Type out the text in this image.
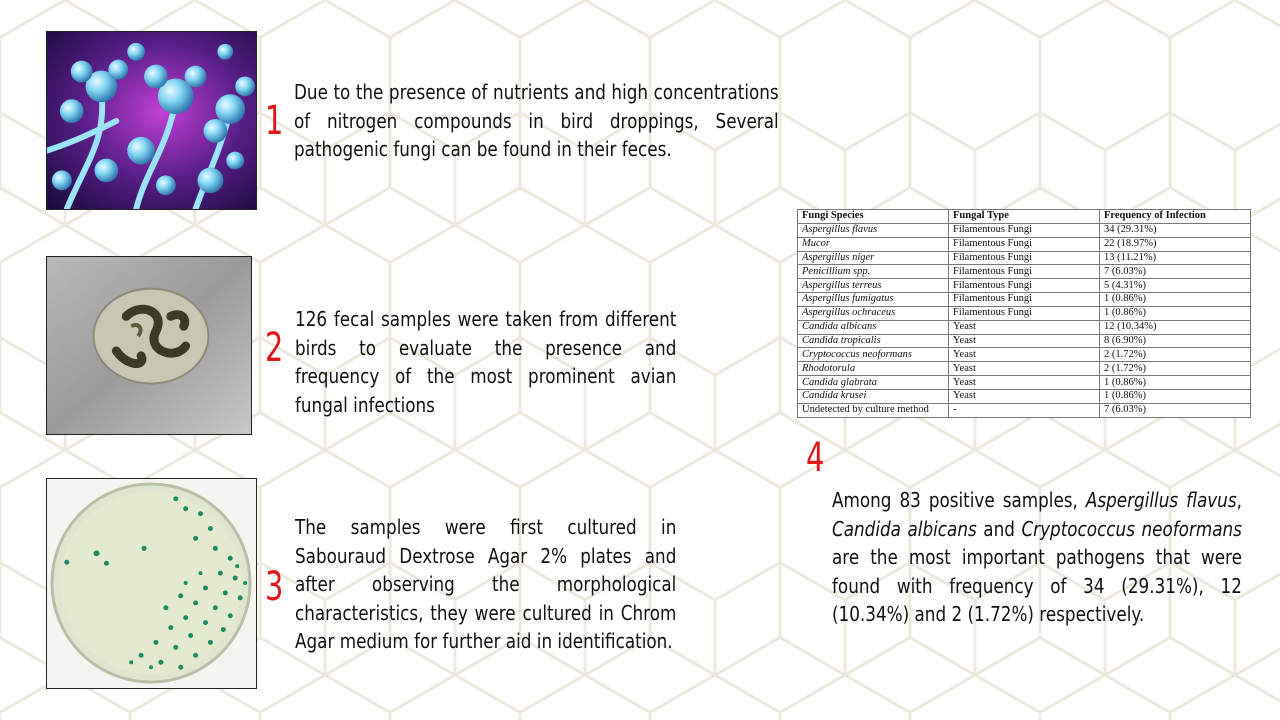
1
Due to the presence of nutrients and high concentrations of nitrogen compounds in bird droppings, Several pathogenic fungi can be found in their feces.
2
126 fecal samples were taken from different birds to evaluate the presence and frequency of the most prominent avian fungal infections
3
The samples were first cultured in Sabouraud Dextrose Agar 2% plates and after observing the morphological characteristics, they were cultured in Chrom Agar medium for further aid in identification.
Fungi Species	Fungal Type	Frequency of Infection
Aspergillus flavus	Filamentous Fungi	34 (29.31%)
Mucor	Filamentous Fungi	22 (18.97%)
Aspergillus niger	Filamentous Fungi	13 (11.21%)
Penicillium spp.	Filamentous Fungi	7 (6.03%)
Aspergillus terreus	Filamentous Fungi	5 (4.31%)
Aspergillus fumigatus	Filamentous Fungi	1 (0.86%)
Aspergillus ochraceus	Filamentous Fungi	1 (0.86%)
Candida albicans	Yeast	12 (10.34%)
Candida tropicalis	Yeast	8 (6.90%)
Cryptococcus neoformans	Yeast	2 (1.72%)
Rhodotorula	Yeast	2 (1.72%)
Candida glabrata	Yeast	1 (0.86%)
Candida krusei	Yeast	1 (0.86%)
Undetected by culture method	-	7 (6.03%)
4
Among 83 positive samples, Aspergillus flavus, Candida albicans and Cryptococcus neoformans are the most important pathogens that were found with frequency of 34 (29.31%), 12 (10.34%) and 2 (1.72%) respectively.
